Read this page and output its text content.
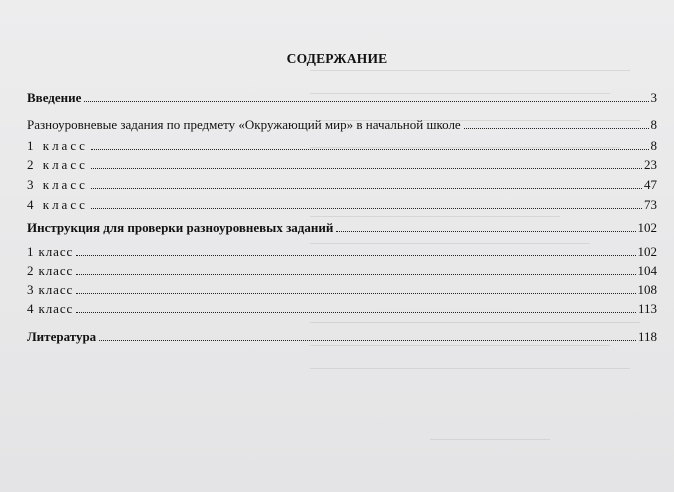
СОДЕРЖАНИЕ
Введение	3
Разноуровневые задания по предмету «Окружающий мир» в начальной школе	8
1 класс	8
2 класс	23
3 класс	47
4 класс	73
Инструкция для проверки разноуровневых заданий	102
1 класс	102
2 класс	104
3 класс	108
4 класс	113
Литература	118
